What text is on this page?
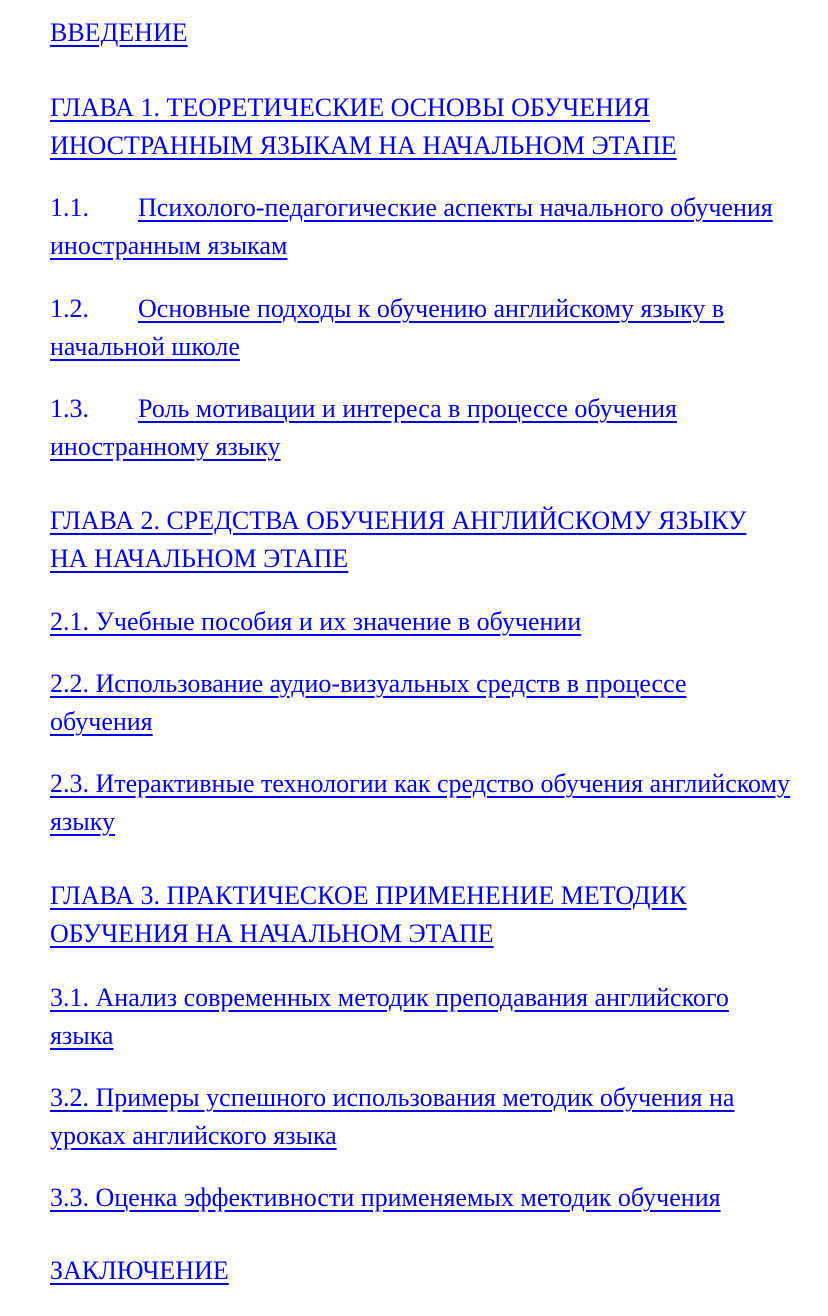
ВВЕДЕНИЕ

ГЛАВА 1. ТЕОРЕТИЧЕСКИЕ ОСНОВЫ ОБУЧЕНИЯ ИНОСТРАННЫМ ЯЗЫКАМ НА НАЧАЛЬНОМ ЭТАПЕ

1.1. Психолого-педагогические аспекты начального обучения иностранным языкам

1.2. Основные подходы к обучению английскому языку в начальной школе

1.3. Роль мотивации и интереса в процессе обучения иностранному языку

ГЛАВА 2. СРЕДСТВА ОБУЧЕНИЯ АНГЛИЙСКОМУ ЯЗЫКУ НА НАЧАЛЬНОМ ЭТАПЕ

2.1. Учебные пособия и их значение в обучении

2.2. Использование аудио-визуальных средств в процессе обучения

2.3. Итерактивные технологии как средство обучения английскому языку

ГЛАВА 3. ПРАКТИЧЕСКОЕ ПРИМЕНЕНИЕ МЕТОДИК ОБУЧЕНИЯ НА НАЧАЛЬНОМ ЭТАПЕ

3.1. Анализ современных методик преподавания английского языка

3.2. Примеры успешного использования методик обучения на уроках английского языка

3.3. Оценка эффективности применяемых методик обучения

ЗАКЛЮЧЕНИЕ
